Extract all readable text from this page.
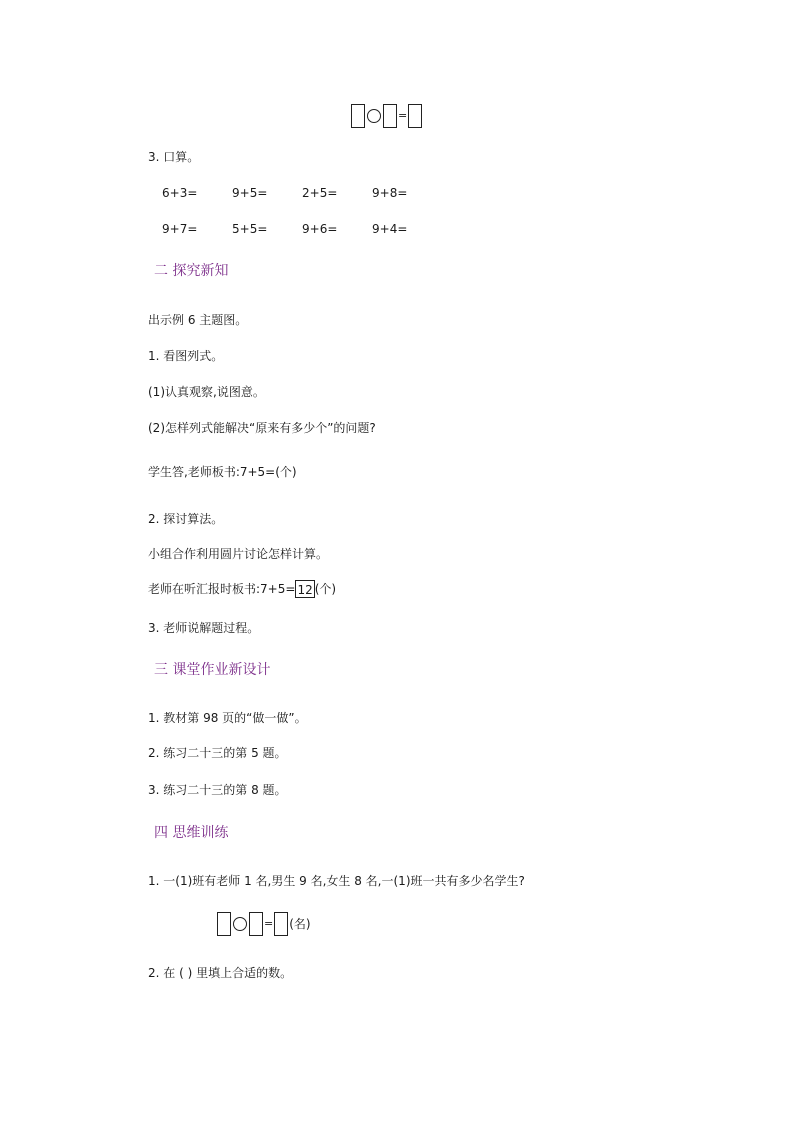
=
3. 口算。
6+3=	9+5=	2+5=	9+8=
9+7=	5+5=	9+6=	9+4=
二 探究新知
出示例 6 主题图。
1. 看图列式。
(1)认真观察,说图意。
(2)怎样列式能解决“原来有多少个”的问题?
学生答,老师板书:7+5=(个)
2. 探讨算法。
小组合作利用圆片讨论怎样计算。
老师在听汇报时板书:7+5= 12 (个)
3. 老师说解题过程。
三 课堂作业新设计
1. 教材第 98 页的“做一做”。
2. 练习二十三的第 5 题。
3. 练习二十三的第 8 题。
四 思维训练
1. 一(1)班有老师 1 名,男生 9 名,女生 8 名,一(1)班一共有多少名学生?
= (名)
2. 在 ( ) 里填上合适的数。
